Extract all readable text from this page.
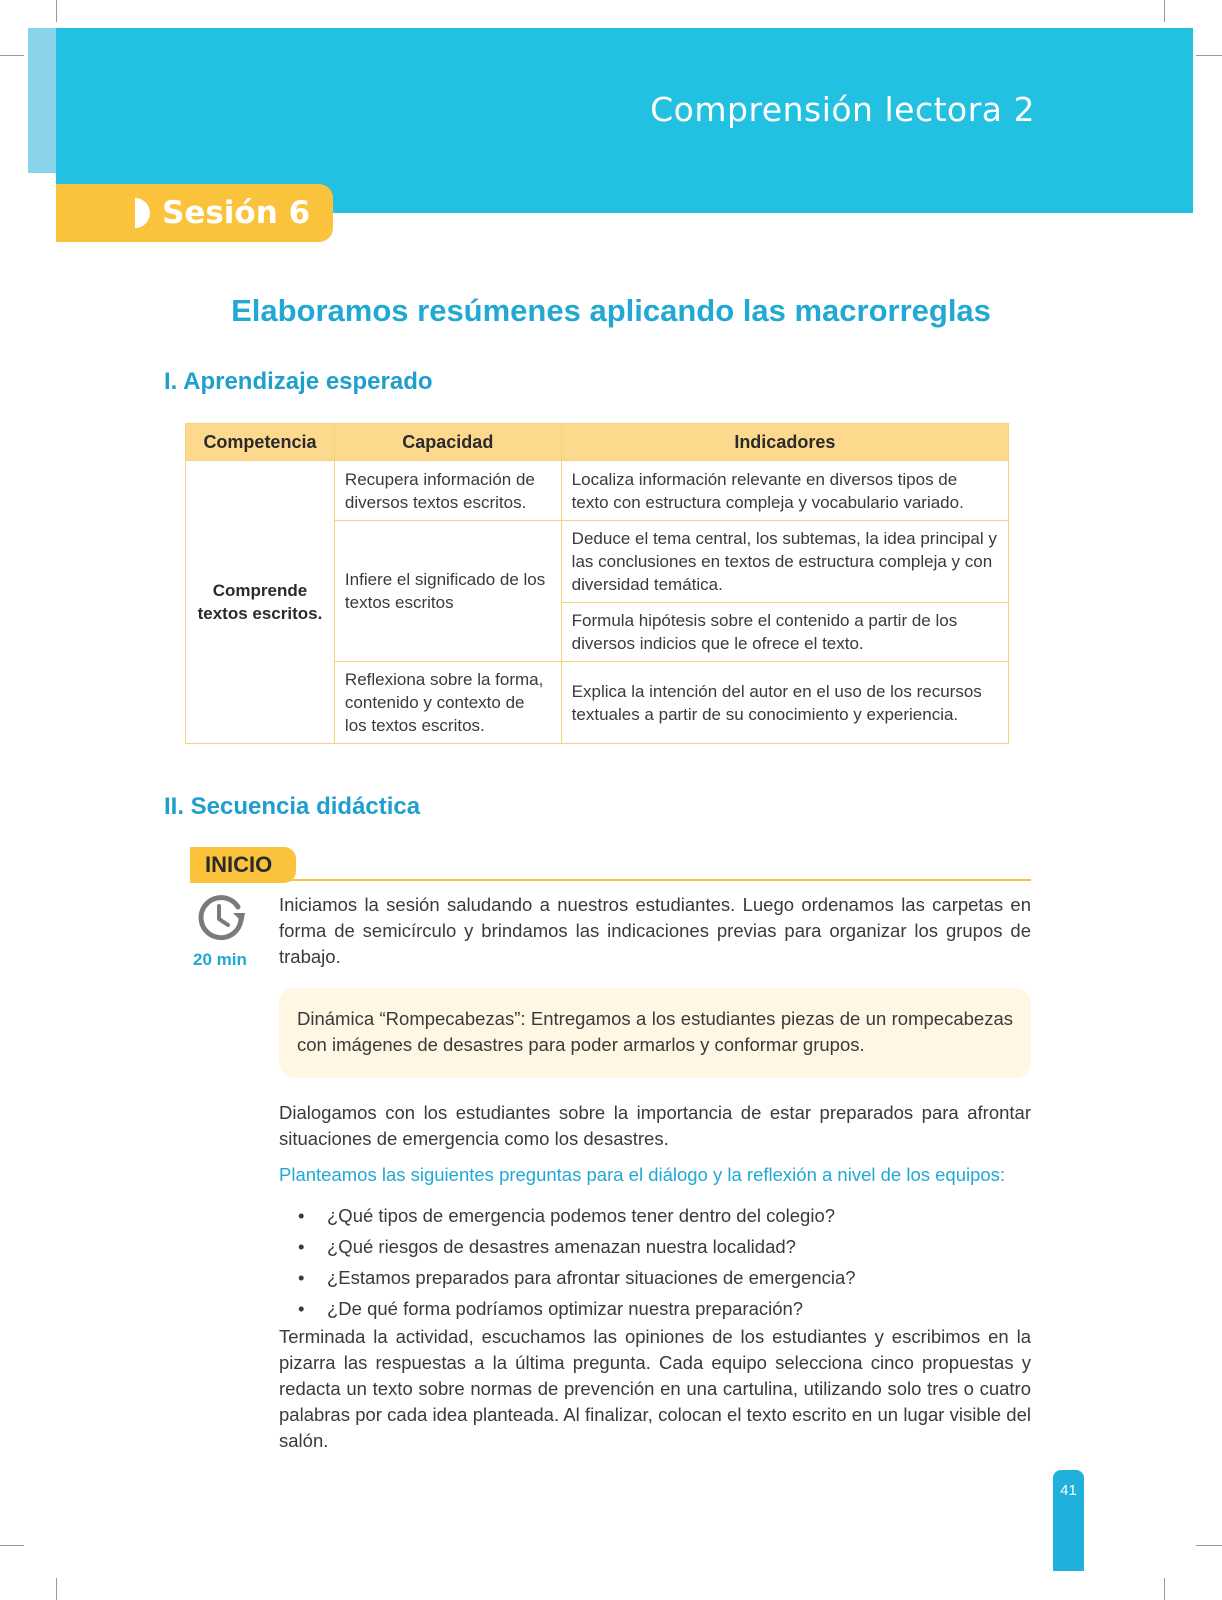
Comprensión lectora 2
Sesión 6
Elaboramos resúmenes aplicando las macrorreglas
I. Aprendizaje esperado
Competencia	Capacidad	Indicadores
Comprende textos escritos.	Recupera información de diversos textos escritos.	Localiza información relevante en diversos tipos de texto con estructura compleja y vocabulario variado.
	Infiere el significado de los textos escritos	Deduce el tema central, los subtemas, la idea principal y las conclusiones en textos de estructura compleja y con diversidad temática.
		Formula hipótesis sobre el contenido a partir de los diversos indicios que le ofrece el texto.
	Reflexiona sobre la forma, contenido y contexto de los textos escritos.	Explica la intención del autor en el uso de los recursos textuales a partir de su conocimiento y experiencia.
II. Secuencia didáctica
INICIO
20 min

Iniciamos la sesión saludando a nuestros estudiantes. Luego ordenamos las carpetas en forma de semicírculo y brindamos las indicaciones previas para organizar los grupos de trabajo.

Dinámica “Rompecabezas”: Entregamos a los estudiantes piezas de un rompecabezas con imágenes de desastres para poder armarlos y conformar grupos.

Dialogamos con los estudiantes sobre la importancia de estar preparados para afrontar situaciones de emergencia como los desastres.

Planteamos las siguientes preguntas para el diálogo y la reflexión a nivel de los equipos:

• ¿Qué tipos de emergencia podemos tener dentro del colegio?
• ¿Qué riesgos de desastres amenazan nuestra localidad?
• ¿Estamos preparados para afrontar situaciones de emergencia?
• ¿De qué forma podríamos optimizar nuestra preparación?

Terminada la actividad, escuchamos las opiniones de los estudiantes y escribimos en la pizarra las respuestas a la última pregunta. Cada equipo selecciona cinco propuestas y redacta un texto sobre normas de prevención en una cartulina, utilizando solo tres o cuatro palabras por cada idea planteada. Al finalizar, colocan el texto escrito en un lugar visible del salón.

41
